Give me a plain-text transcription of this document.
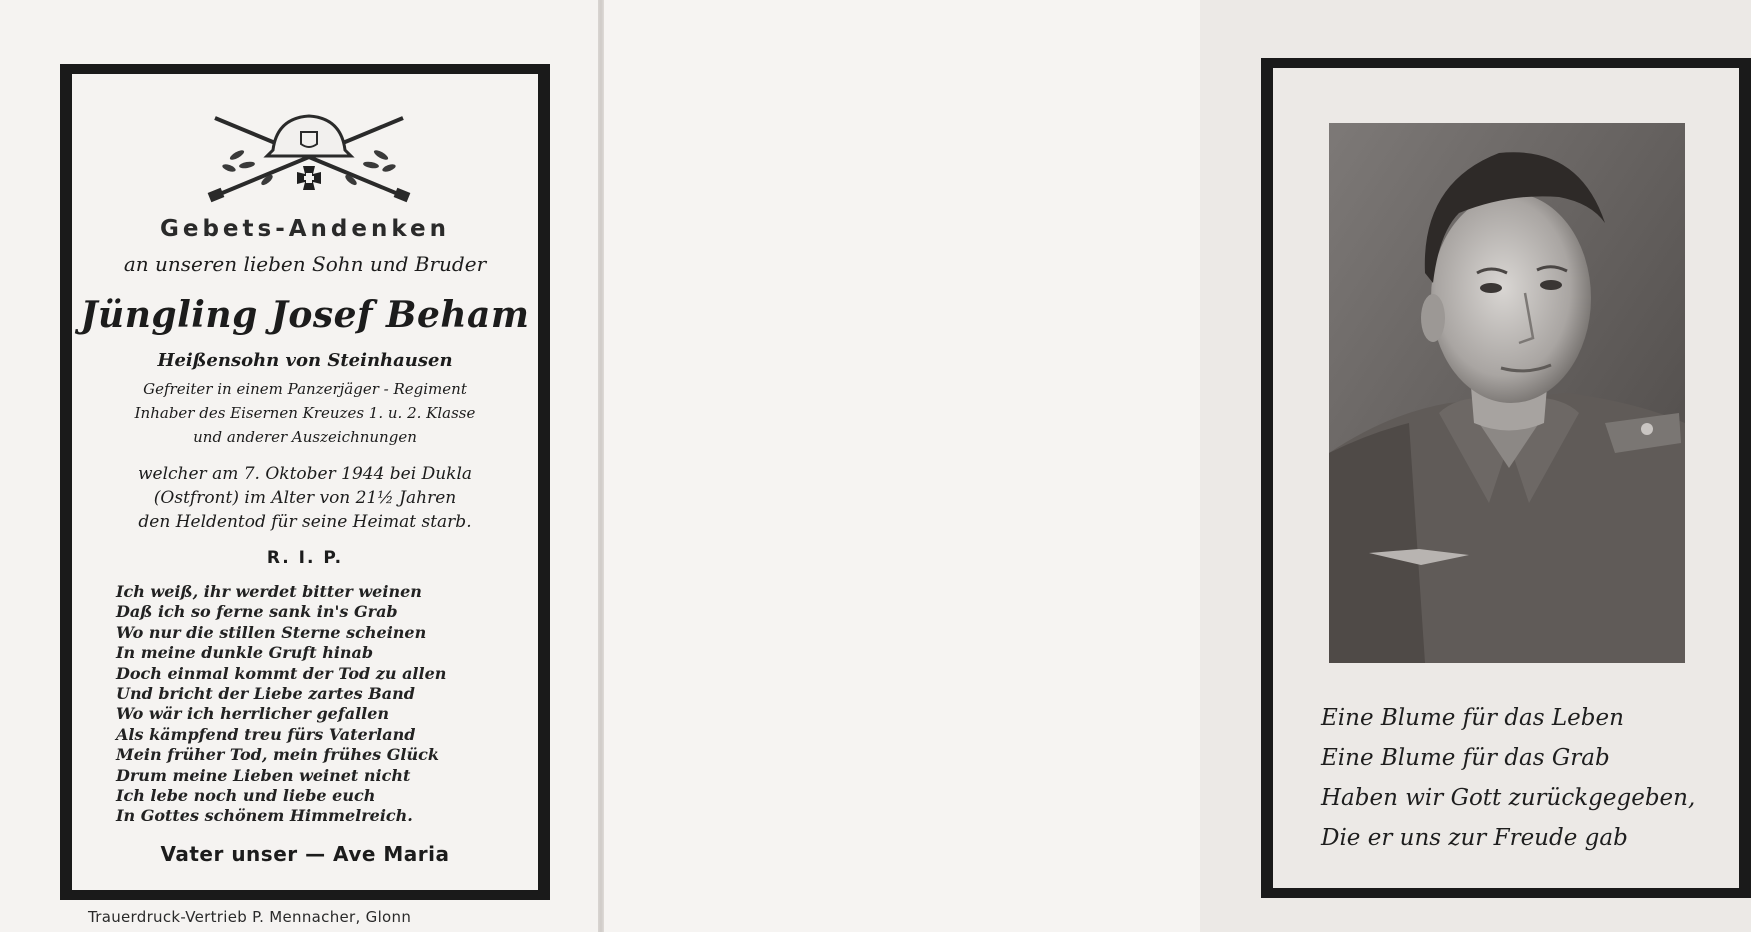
Gebets-Andenken
an unseren lieben Sohn und Bruder
Jüngling Josef Beham
Heißensohn von Steinhausen
Gefreiter in einem Panzerjäger - Regiment
Inhaber des Eisernen Kreuzes 1. u. 2. Klasse
und anderer Auszeichnungen
welcher am 7. Oktober 1944 bei Dukla
(Ostfront) im Alter von 21½ Jahren
den Heldentod für seine Heimat starb.
R. I. P.
Ich weiß, ihr werdet bitter weinen
Daß ich so ferne sank in's Grab
Wo nur die stillen Sterne scheinen
In meine dunkle Gruft hinab
Doch einmal kommt der Tod zu allen
Und bricht der Liebe zartes Band
Wo wär ich herrlicher gefallen
Als kämpfend treu fürs Vaterland
Mein früher Tod, mein frühes Glück
Drum meine Lieben weinet nicht
Ich lebe noch und liebe euch
In Gottes schönem Himmelreich.
Vater unser — Ave Maria
Trauerdruck-Vertrieb P. Mennacher, Glonn
Eine Blume für das Leben
Eine Blume für das Grab
Haben wir Gott zurückgegeben,
Die er uns zur Freude gab
